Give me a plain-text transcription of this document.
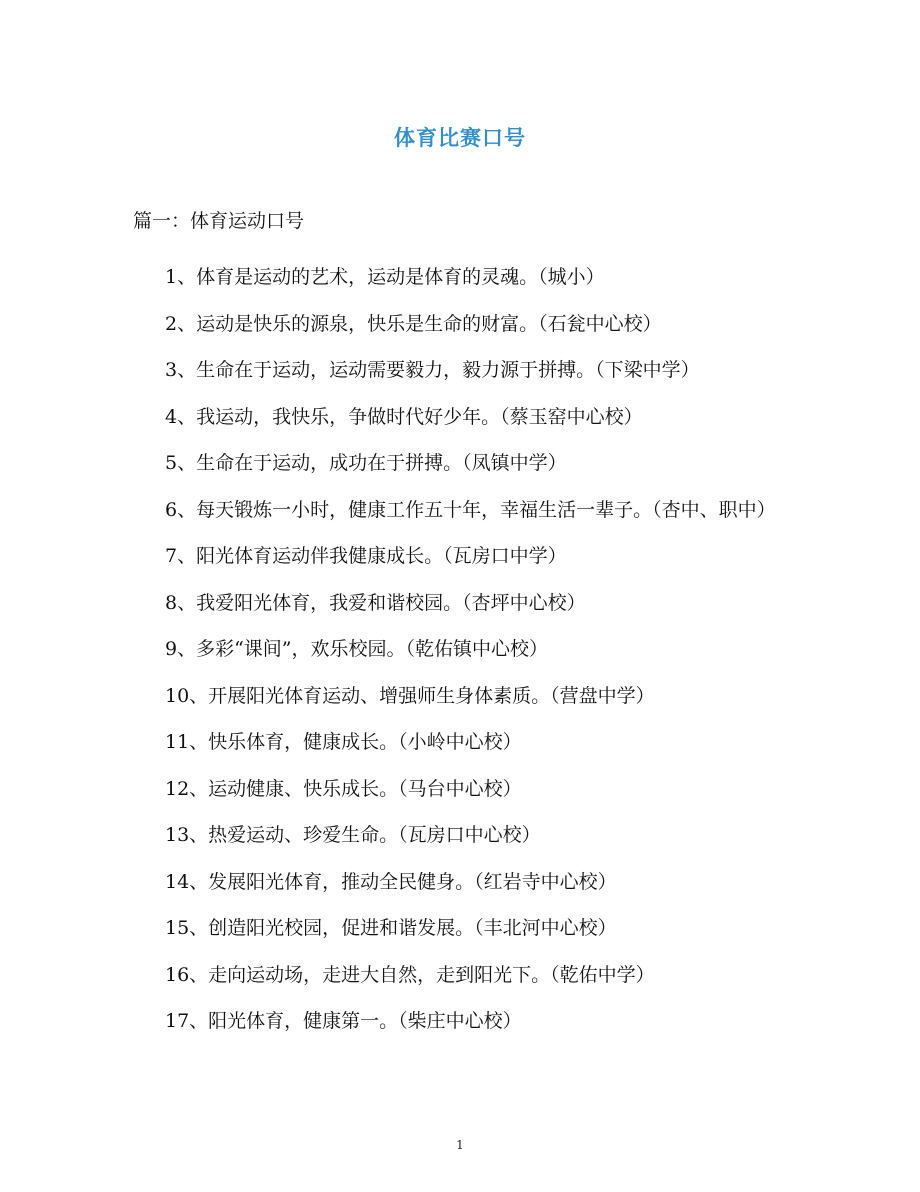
体育比赛口号
篇一：体育运动口号
1、体育是运动的艺术，运动是体育的灵魂。（城小）
2、运动是快乐的源泉，快乐是生命的财富。（石瓮中心校）
3、生命在于运动，运动需要毅力，毅力源于拼搏。（下梁中学）
4、我运动，我快乐，争做时代好少年。（蔡玉窑中心校）
5、生命在于运动，成功在于拼搏。（凤镇中学）
6、每天锻炼一小时，健康工作五十年，幸福生活一辈子。（杏中、职中）
7、阳光体育运动伴我健康成长。（瓦房口中学）
8、我爱阳光体育，我爱和谐校园。（杏坪中心校）
9、多彩“课间”，欢乐校园。（乾佑镇中心校）
10、开展阳光体育运动、增强师生身体素质。（营盘中学）
11、快乐体育，健康成长。（小岭中心校）
12、运动健康、快乐成长。（马台中心校）
13、热爱运动、珍爱生命。（瓦房口中心校）
14、发展阳光体育，推动全民健身。（红岩寺中心校）
15、创造阳光校园，促进和谐发展。（丰北河中心校）
16、走向运动场，走进大自然，走到阳光下。（乾佑中学）
17、阳光体育，健康第一。（柴庄中心校）
1
